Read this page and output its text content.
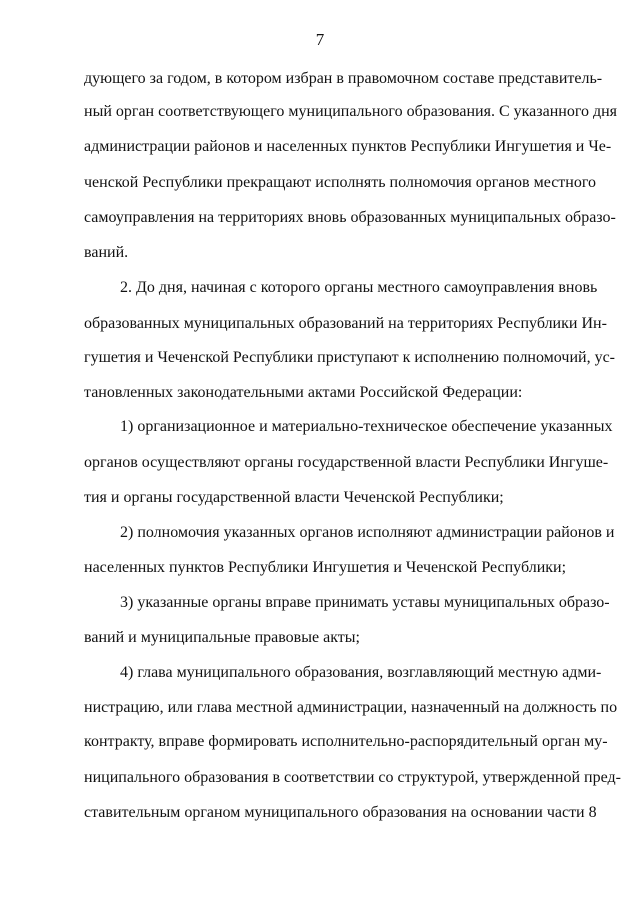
7
дующего за годом, в котором избран в правомочном составе представитель-
ный орган соответствующего муниципального образования. С указанного дня
администрации районов и населенных пунктов Республики Ингушетия и Че-
ченской Республики прекращают исполнять полномочия органов местного
самоуправления на территориях вновь образованных муниципальных образо-
ваний.
2. До дня, начиная с которого органы местного самоуправления вновь
образованных муниципальных образований на территориях Республики Ин-
гушетия и Чеченской Республики приступают к исполнению полномочий, ус-
тановленных законодательными актами Российской Федерации:
1) организационное и материально-техническое обеспечение указанных
органов осуществляют органы государственной власти Республики Ингуше-
тия и органы государственной власти Чеченской Республики;
2) полномочия указанных органов исполняют администрации районов и
населенных пунктов Республики Ингушетия и Чеченской Республики;
3) указанные органы вправе принимать уставы муниципальных образо-
ваний и муниципальные правовые акты;
4) глава муниципального образования, возглавляющий местную адми-
нистрацию, или глава местной администрации, назначенный на должность по
контракту, вправе формировать исполнительно-распорядительный орган му-
ниципального образования в соответствии со структурой, утвержденной пред-
ставительным органом муниципального образования на основании части 8
